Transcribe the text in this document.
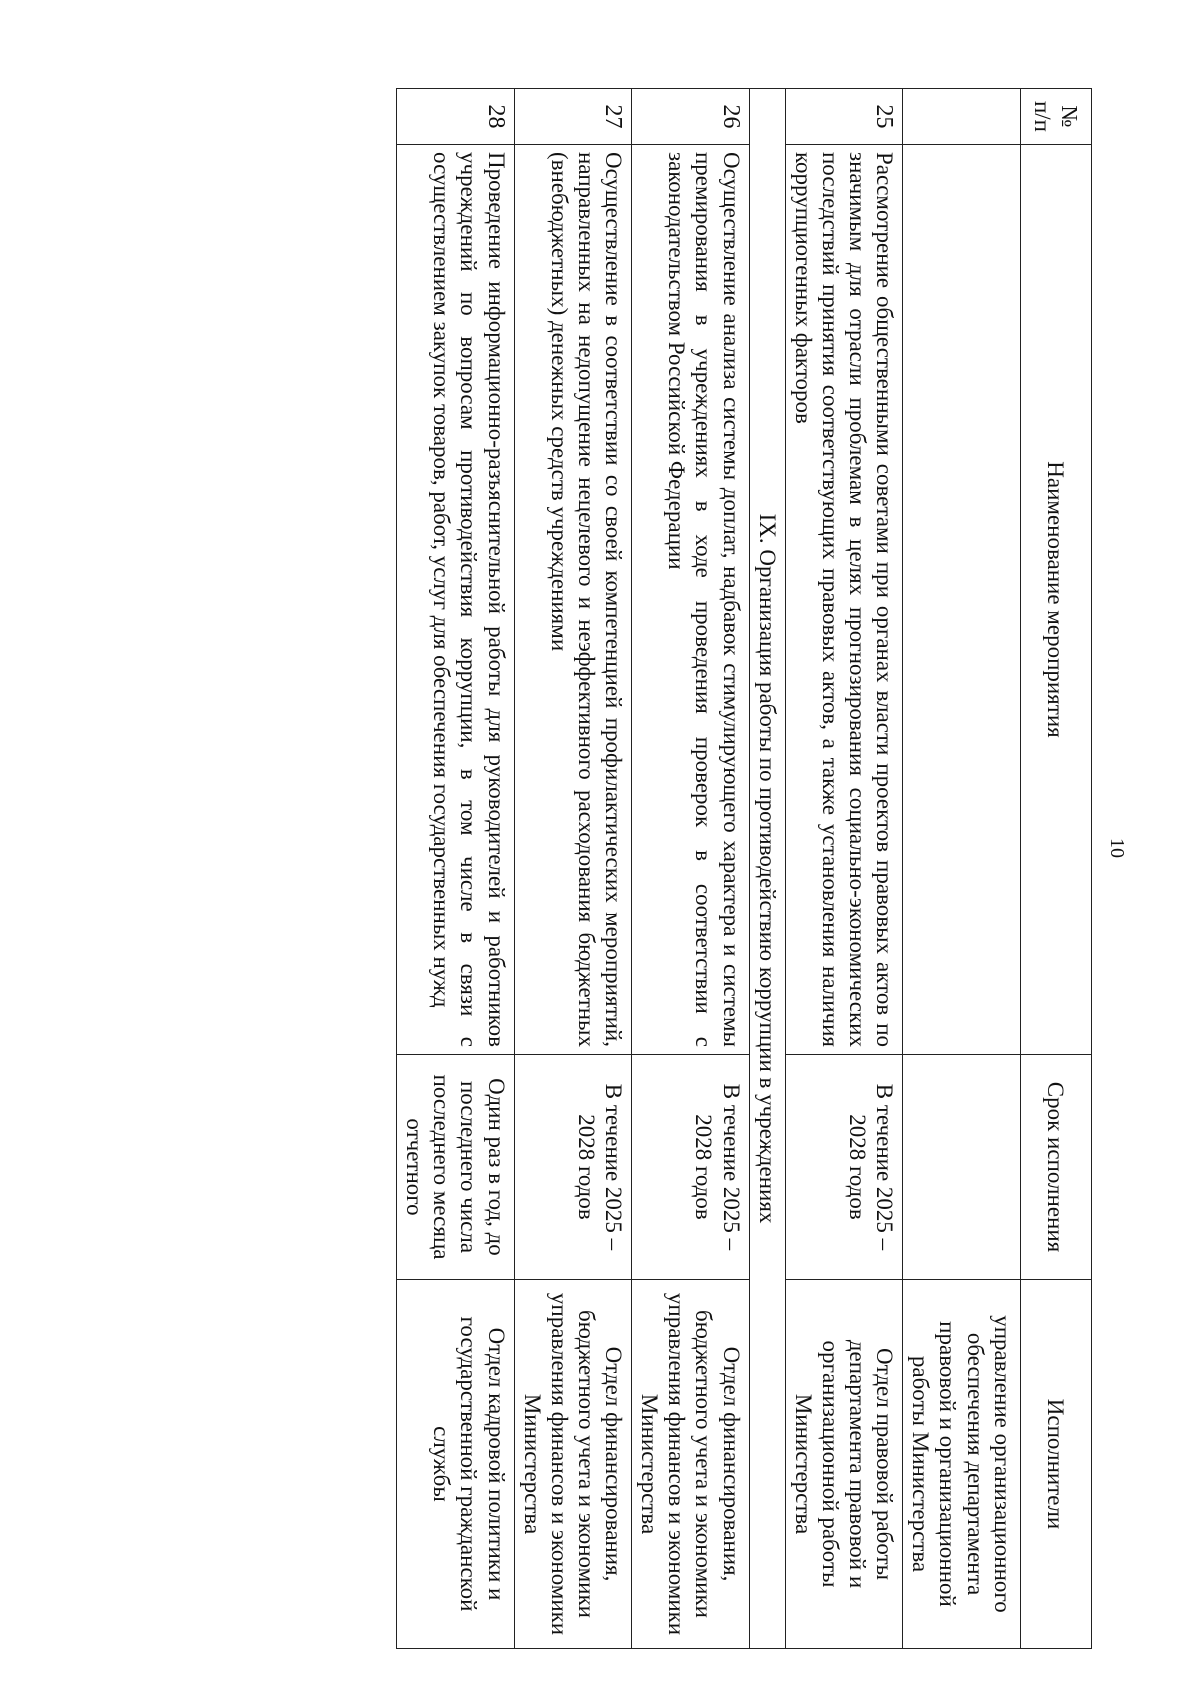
10
№ п/п	Наименование мероприятия	Срок исполнения	Исполнители
			управление организационного обеспечения департамента правовой и организационной работы Министерства
25	Рассмотрение общественными советами при органах власти проектов правовых актов по значимым для отрасли проблемам в целях прогнозирования социально-экономических последствий принятия соответствующих правовых актов, а также установления наличия коррупциогенных факторов	В течение 2025 – 2028 годов	Отдел правовой работы департамента правовой и организационной работы Министерства
IX. Организация работы по противодействию коррупции в учреждениях			
26	Осуществление анализа системы доплат, надбавок стимулирующего характера и системы премирования в учреждениях в ходе проведения проверок в соответствии с законодательством Российской Федерации	В течение 2025 – 2028 годов	Отдел финансирования, бюджетного учета и экономики управления финансов и экономики Министерства
27	Осуществление в соответствии со своей компетенцией профилактических мероприятий, направленных на недопущение нецелевого и неэффективного расходования бюджетных (внебюджетных) денежных средств учреждениями	В течение 2025 – 2028 годов	Отдел финансирования, бюджетного учета и экономики управления финансов и экономики Министерства
28	Проведение информационно-разъяснительной работы для руководителей и работников учреждений по вопросам противодействия коррупции, в том числе в связи с осуществлением закупок товаров, работ, услуг для обеспечения государственных нужд	Один раз в год, до последнего числа последнего месяца отчетного	Отдел кадровой политики и государственной гражданской службы
